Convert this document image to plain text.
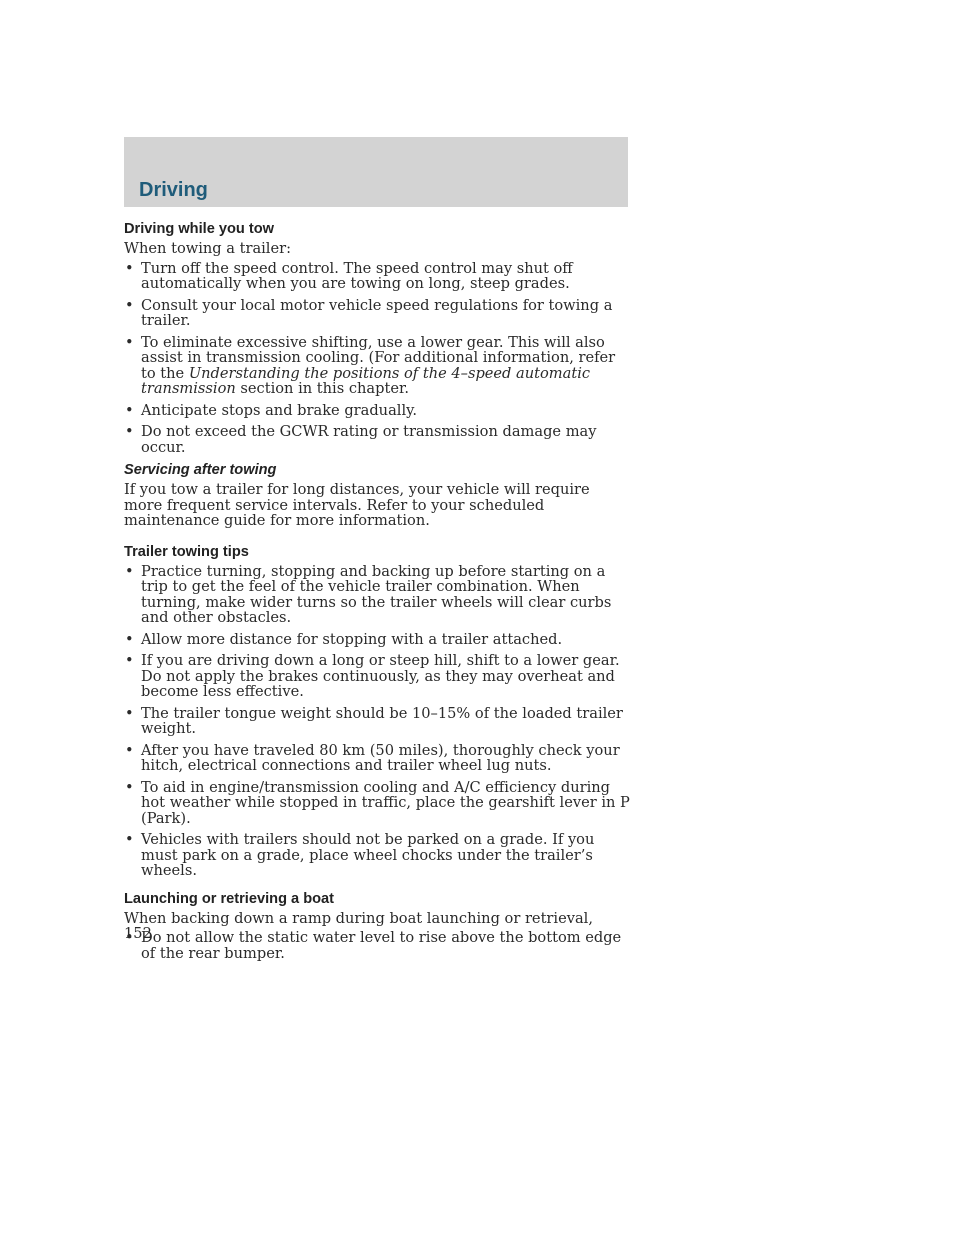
Driving
Driving while you tow

When towing a trailer:

• Turn off the speed control. The speed control may shut off automatically when you are towing on long, steep grades.
• Consult your local motor vehicle speed regulations for towing a trailer.
• To eliminate excessive shifting, use a lower gear. This will also assist in transmission cooling. (For additional information, refer to the Understanding the positions of the 4–speed automatic transmission section in this chapter.
• Anticipate stops and brake gradually.
• Do not exceed the GCWR rating or transmission damage may occur.
Servicing after towing

If you tow a trailer for long distances, your vehicle will require more frequent service intervals. Refer to your scheduled maintenance guide for more information.

Trailer towing tips
• Practice turning, stopping and backing up before starting on a trip to get the feel of the vehicle trailer combination. When turning, make wider turns so the trailer wheels will clear curbs and other obstacles.
• Allow more distance for stopping with a trailer attached.
• If you are driving down a long or steep hill, shift to a lower gear. Do not apply the brakes continuously, as they may overheat and become less effective.
• The trailer tongue weight should be 10–15% of the loaded trailer weight.
• After you have traveled 80 km (50 miles), thoroughly check your hitch, electrical connections and trailer wheel lug nuts.
• To aid in engine/transmission cooling and A/C efficiency during hot weather while stopped in traffic, place the gearshift lever in P (Park).
• Vehicles with trailers should not be parked on a grade. If you must park on a grade, place wheel chocks under the trailer’s wheels.
Launching or retrieving a boat

When backing down a ramp during boat launching or retrieval,

• Do not allow the static water level to rise above the bottom edge of the rear bumper.
152
